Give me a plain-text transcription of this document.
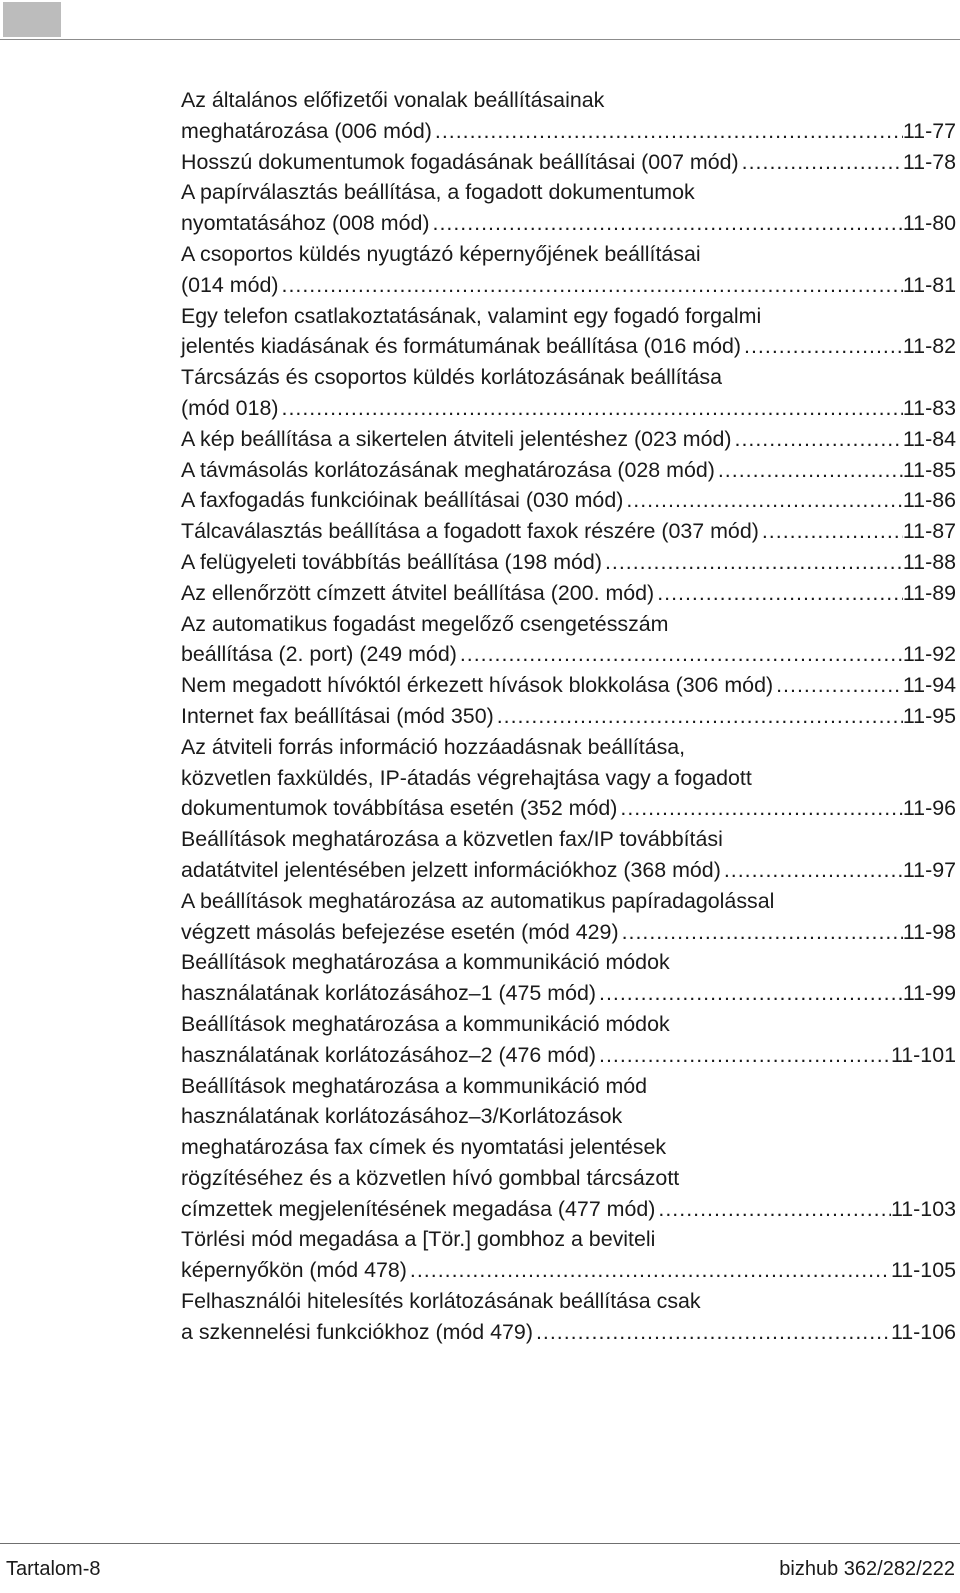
Az általános előfizetői vonalak beállításainak
meghatározása (006 mód) .....	11-77
Hosszú dokumentumok fogadásának beállításai (007 mód) .....	11-78
A papírválasztás beállítása, a fogadott dokumentumok
nyomtatásához (008 mód) .....	11-80
A csoportos küldés nyugtázó képernyőjének beállításai
(014 mód) .....	11-81
Egy telefon csatlakoztatásának, valamint egy fogadó forgalmi
jelentés kiadásának és formátumának beállítása (016 mód) .....	11-82
Tárcsázás és csoportos küldés korlátozásának beállítása
(mód 018) .....	11-83
A kép beállítása a sikertelen átviteli jelentéshez (023 mód) .....	11-84
A távmásolás korlátozásának meghatározása (028 mód) .....	11-85
A faxfogadás funkcióinak beállításai (030 mód) .....	11-86
Tálcaválasztás beállítása a fogadott faxok részére (037 mód) .....	11-87
A felügyeleti továbbítás beállítása (198 mód) .....	11-88
Az ellenőrzött címzett átvitel beállítása (200. mód) .....	11-89
Az automatikus fogadást megelőző csengetésszám
beállítása (2. port) (249 mód) .....	11-92
Nem megadott hívóktól érkezett hívások blokkolása (306 mód) .....	11-94
Internet fax beállításai (mód 350) .....	11-95
Az átviteli forrás információ hozzáadásnak beállítása,
közvetlen faxküldés, IP-átadás végrehajtása vagy a fogadott
dokumentumok továbbítása esetén (352 mód) .....	11-96
Beállítások meghatározása a közvetlen fax/IP továbbítási
adatátvitel jelentésében jelzett információkhoz (368 mód) .....	11-97
A beállítások meghatározása az automatikus papíradagolással
végzett másolás befejezése esetén (mód 429) .....	11-98
Beállítások meghatározása a kommunikáció módok
használatának korlátozásához–1 (475 mód) .....	11-99
Beállítások meghatározása a kommunikáció módok
használatának korlátozásához–2 (476 mód) .....	11-101
Beállítások meghatározása a kommunikáció mód
használatának korlátozásához–3/Korlátozások
meghatározása fax címek és nyomtatási jelentések
rögzítéséhez és a közvetlen hívó gombbal tárcsázott
címzettek megjelenítésének megadása (477 mód) .....	11-103
Törlési mód megadása a [Tör.] gombhoz a beviteli
képernyőkön (mód 478) .....	11-105
Felhasználói hitelesítés korlátozásának beállítása csak
a szkennelési funkciókhoz (mód 479) .....	11-106
Tartalom-8	bizhub 362/282/222
